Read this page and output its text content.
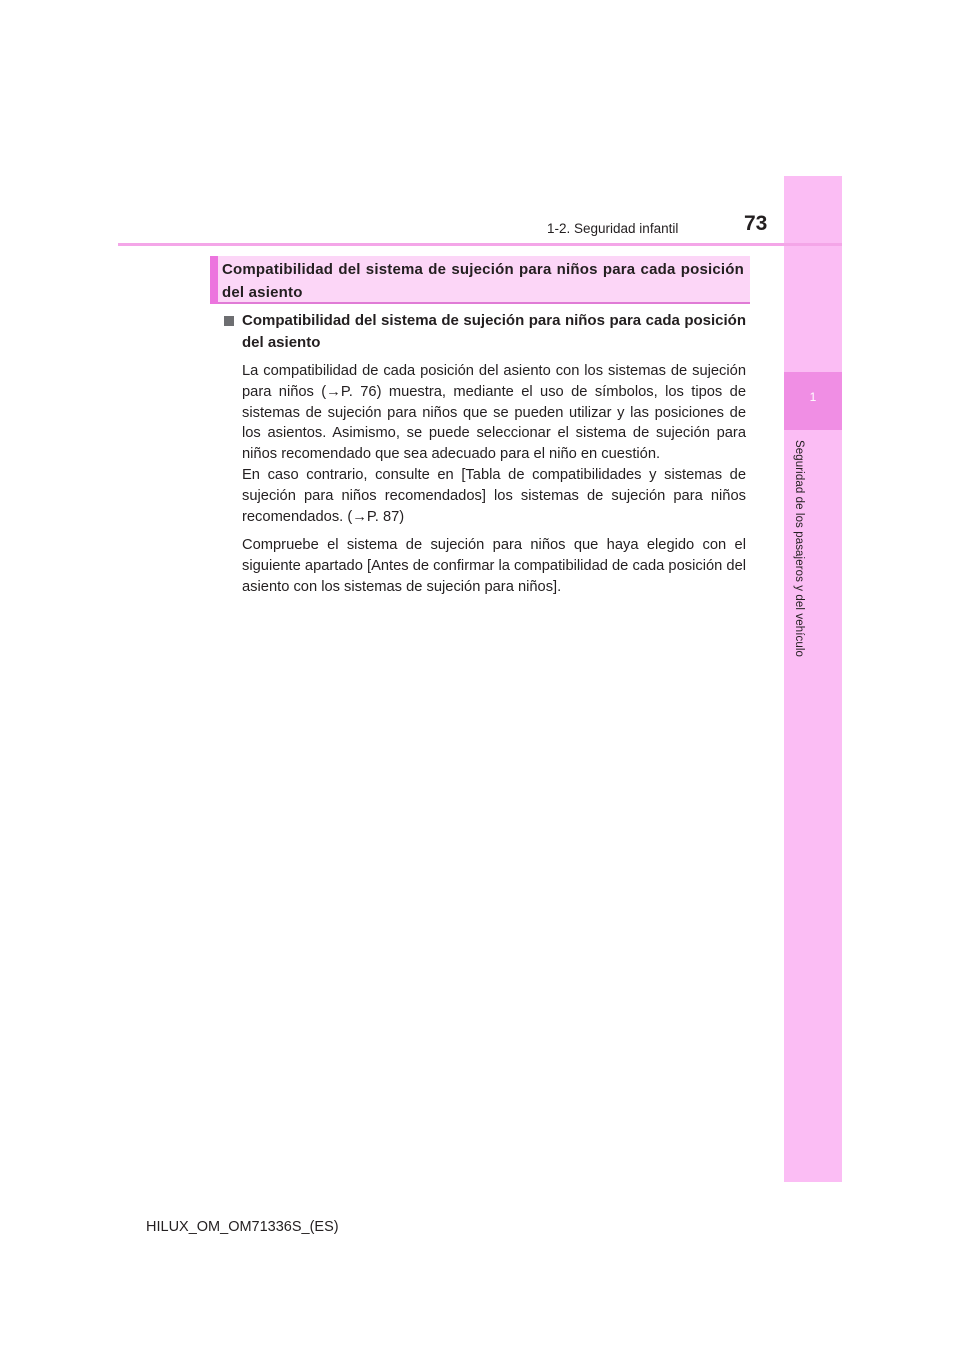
1
Seguridad de los pasajeros y del vehículo
73
1-2. Seguridad infantil
Compatibilidad del sistema de sujeción para niños para cada posición del asiento
Compatibilidad del sistema de sujeción para niños para cada posición del asiento
La compatibilidad de cada posición del asiento con los sistemas de sujeción para niños (→P. 76) muestra, mediante el uso de símbolos, los tipos de sistemas de sujeción para niños que se pueden utilizar y las posiciones de los asientos. Asimismo, se puede seleccionar el sistema de sujeción para niños recomendado que sea adecuado para el niño en cuestión.
En caso contrario, consulte en [Tabla de compatibilidades y sistemas de sujeción para niños recomendados] los sistemas de sujeción para niños recomendados. (→P. 87)
Compruebe el sistema de sujeción para niños que haya elegido con el siguiente apartado [Antes de confirmar la compatibilidad de cada posición del asiento con los sistemas de sujeción para niños].
HILUX_OM_OM71336S_(ES)
